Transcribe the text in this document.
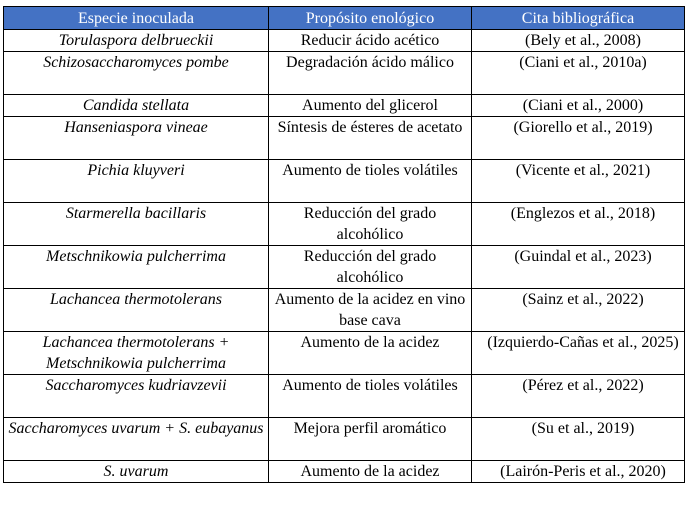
Especie inoculada	Propósito enológico	Cita bibliográfica
Torulaspora delbrueckii	Reducir ácido acético	(Bely et al., 2008)
Schizosaccharomyces pombe	Degradación ácido málico	(Ciani et al., 2010a)
Candida stellata	Aumento del glicerol	(Ciani et al., 2000)
Hanseniaspora vineae	Síntesis de ésteres de acetato	(Giorello et al., 2019)
Pichia kluyveri	Aumento de tioles volátiles	(Vicente et al., 2021)
Starmerella bacillaris	Reducción del grado alcohólico	(Englezos et al., 2018)
Metschnikowia pulcherrima	Reducción del grado alcohólico	(Guindal et al., 2023)
Lachancea thermotolerans	Aumento de la acidez en vino base cava	(Sainz et al., 2022)
Lachancea thermotolerans + Metschnikowia pulcherrima	Aumento de la acidez	(Izquierdo-Cañas et al., 2025)
Saccharomyces kudriavzevii	Aumento de tioles volátiles	(Pérez et al., 2022)
Saccharomyces uvarum + S. eubayanus	Mejora perfil aromático	(Su et al., 2019)
S. uvarum	Aumento de la acidez	(Lairón-Peris et al., 2020)
